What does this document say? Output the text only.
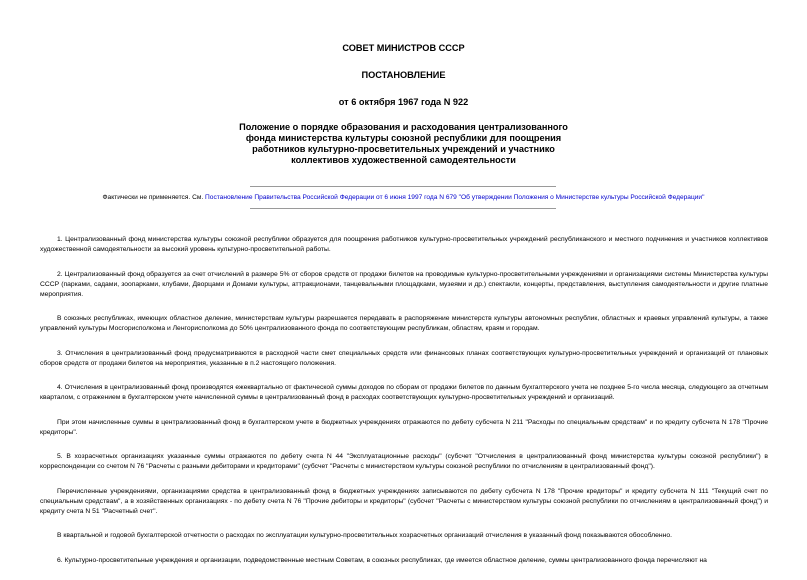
СОВЕТ МИНИСТРОВ СССР
ПОСТАНОВЛЕНИЕ
от 6 октября 1967 года N 922
Положение о порядке образования и расходования централизованного
фонда министерства культуры союзной республики для поощрения
работников культурно-просветительных учреждений и участнико
коллективов художественной самодеятельности
Фактически не применяется. См. Постановление Правительства Российской Федерации от 6 июня 1997 года N 679 "Об утверждении Положения о Министерстве культуры Российской Федерации"

1. Централизованный фонд министерства культуры союзной республики образуется для поощрения работников культурно-просветительных учреждений республиканского и местного подчинения и участников коллективов художественной самодеятельности за высокий уровень культурно-просветительной работы.

2. Централизованный фонд образуется за счет отчислений в размере 5% от сборов средств от продажи билетов на проводимые культурно-просветительными учреждениями и организациями системы Министерства культуры СССР (парками, садами, зоопарками, клубами, Дворцами и Домами культуры, аттракционами, танцевальными площадками, музеями и др.) спектакли, концерты, представления, выступления самодеятельности и другие платные мероприятия.

В союзных республиках, имеющих областное деление, министерствам культуры разрешается передавать в распоряжение министерств культуры автономных республик, областных и краевых управлений культуры, а также управлений культуры Мосгорисполкома и Ленгорисполкома до 50% централизованного фонда по соответствующим республикам, областям, краям и городам.

3. Отчисления в централизованный фонд предусматриваются в расходной части смет специальных средств или финансовых планах соответствующих культурно-просветительных учреждений и организаций от плановых сборов средств от продажи билетов на мероприятия, указанные в п.2 настоящего положения.

4. Отчисления в централизованный фонд производятся ежеквартально от фактической суммы доходов по сборам от продажи билетов по данным бухгалтерского учета не позднее 5-го числа месяца, следующего за отчетным кварталом, с отражением в бухгалтерском учете начисленной суммы в централизованный фонд в расходах соответствующих культурно-просветительных учреждений и организаций.

При этом начисленные суммы в централизованный фонд в бухгалтерском учете в бюджетных учреждениях отражаются по дебету субсчета N 211 "Расходы по специальным средствам" и по кредиту субсчета N 178 "Прочие кредиторы".

5. В хозрасчетных организациях указанные суммы отражаются по дебету счета N 44 "Эксплуатационные расходы" (субсчет "Отчисления в централизованный фонд министерства культуры союзной республики") в корреспонденции со счетом N 76 "Расчеты с разными дебиторами и кредиторами" (субсчет "Расчеты с министерством культуры союзной республики по отчислениям в централизованный фонд").

Перечисленные учреждениями, организациями средства в централизованный фонд в бюджетных учреждениях записываются по дебету субсчета N 178 "Прочие кредиторы" и кредиту субсчета N 111 "Текущий счет по специальным средствам", а в хозяйственных организациях - по дебету счета N 76 "Прочие дебиторы и кредиторы" (субсчет "Расчеты с министерством культуры союзной республики по отчислениям в централизованный фонд") и кредиту счета N 51 "Расчетный счет".

В квартальной и годовой бухгалтерской отчетности о расходах по эксплуатации культурно-просветительных хозрасчетных организаций отчисления в указанный фонд показываются обособленно.

6. Культурно-просветительные учреждения и организации, подведомственные местным Советам, в союзных республиках, где имеется областное деление, суммы централизованного фонда перечисляют на
